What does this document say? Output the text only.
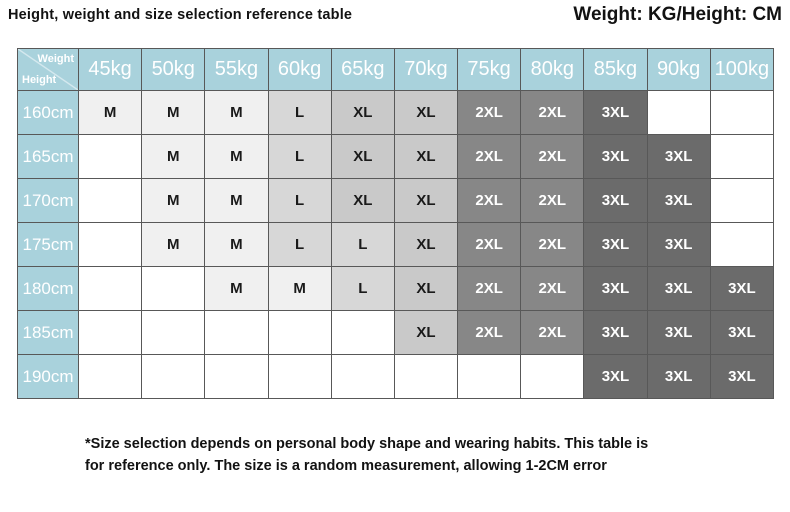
Height, weight and size selection reference table	Weight: KG/Height: CM
Weight
Height	45kg	50kg	55kg	60kg	65kg	70kg	75kg	80kg	85kg	90kg	100kg
160cm	M	M	M	L	XL	XL	2XL	2XL	3XL		
165cm		M	M	L	XL	XL	2XL	2XL	3XL	3XL	
170cm		M	M	L	XL	XL	2XL	2XL	3XL	3XL	
175cm		M	M	L	L	XL	2XL	2XL	3XL	3XL	
180cm			M	M	L	XL	2XL	2XL	3XL	3XL	3XL
185cm						XL	2XL	2XL	3XL	3XL	3XL
190cm									3XL	3XL	3XL
*Size selection depends on personal body shape and wearing habits. This table is
for reference only. The size is a random measurement, allowing 1-2CM error
